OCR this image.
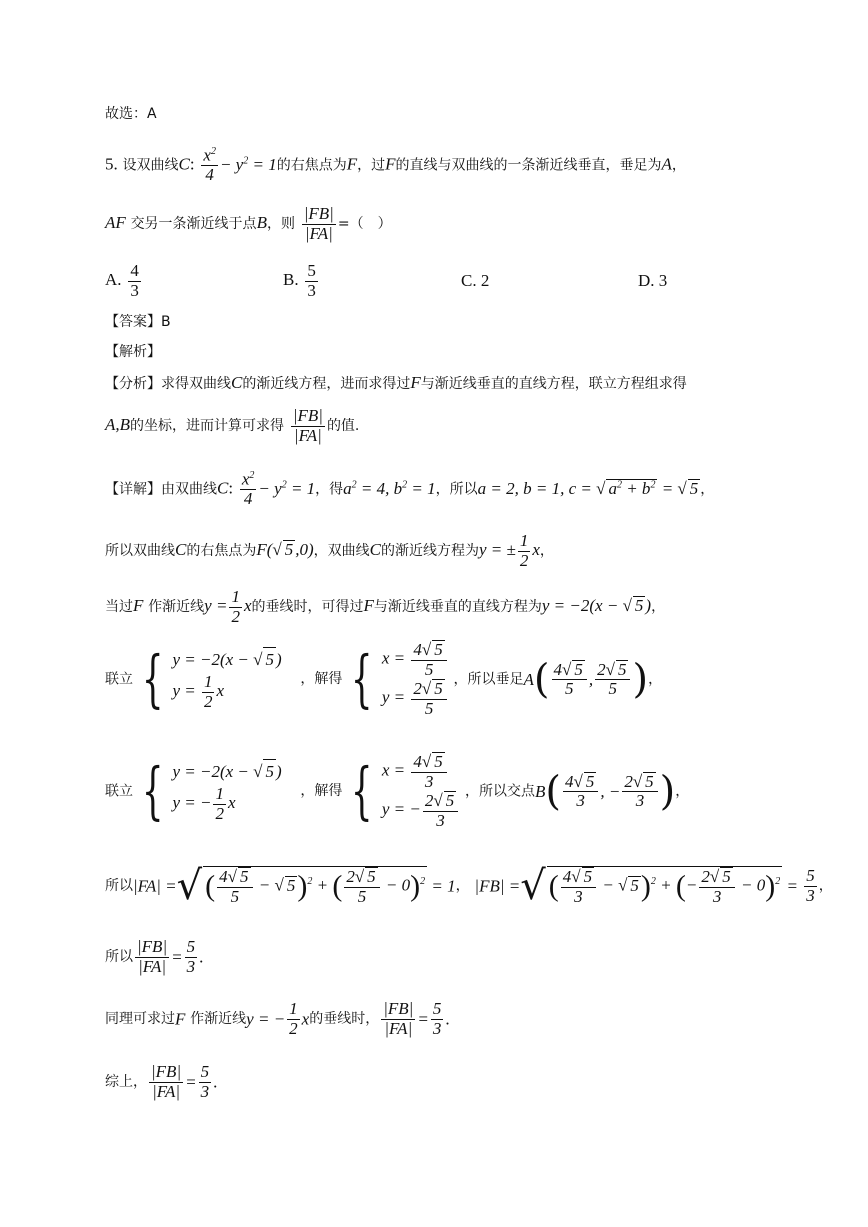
故选：A
5. 设双曲线C: $\frac{x^2}{4} - y^2 = 1$的右焦点为F，过F的直线与双曲线的一条渐近线垂直，垂足为A，
AF 交另一条渐近线于点B，则 $\frac{|FB|}{|FA|}$ =（　）
A. $\frac{4}{3}$	B. $\frac{5}{3}$	C. 2	D. 3
【答案】B
【解析】
【分析】求得双曲线C的渐近线方程，进而求得过F与渐近线垂直的直线方程，联立方程组求得
A,B的坐标，进而计算可求得 $\frac{|FB|}{|FA|}$ 的值.
【详解】由双曲线C: $\frac{x^2}{4} - y^2 = 1$，得$a^2 = 4$, $b^2 = 1$，所以a = 2, b = 1, c = √ $a^2 + b^2$ = √ 5 ，
所以双曲线C的右焦点为F(√ 5 ,0)，双曲线C的渐近线方程为y = ± $\frac{1}{2}$ x，
当过F 作渐近线$y = \frac{1}{2}$ x的垂线时，可得过F与渐近线垂直的直线方程为y = −2(x − √ 5 )，
联立 { y = −2(x − √ 5 )
$y = \frac{1}{2}$ x
，解得 { $x = \frac{4√ 5}{5}$
$y = \frac{2√ 5}{5}$ ，所以垂足$A( \frac{4√ 5}{5}$ , $\frac{2√ 5}{5}$ )，
联立 { y = −2(x − √ 5 )
y = − $\frac{1}{2}$ x
，解得 { $x = \frac{4√ 5}{3}$
y = − $\frac{2√ 5}{3}$ ，所以交点$B( \frac{4√ 5}{3}$ , − $\frac{2√ 5}{3}$ )，
所以|FA| =√ ( $\frac{4√ 5}{5}$ − √ 5)$^2$ + ( $\frac{2√ 5}{5} - 0)^2 = 1$， |FB| =√ ( $\frac{4√ 5}{3}$ − √ 5)$^2$ + (− $\frac{2√ 5}{3} - 0)^2 = \frac{5}{3}$ ，
所以 $\frac{|FB|}{|FA|} = \frac{5}{3}$ .
同理可求过F 作渐近线y = − $\frac{1}{2}$ x的垂线时， $\frac{|FB|}{|FA|} = \frac{5}{3}$ .
综上， $\frac{|FB|}{|FA|} = \frac{5}{3}$ .
